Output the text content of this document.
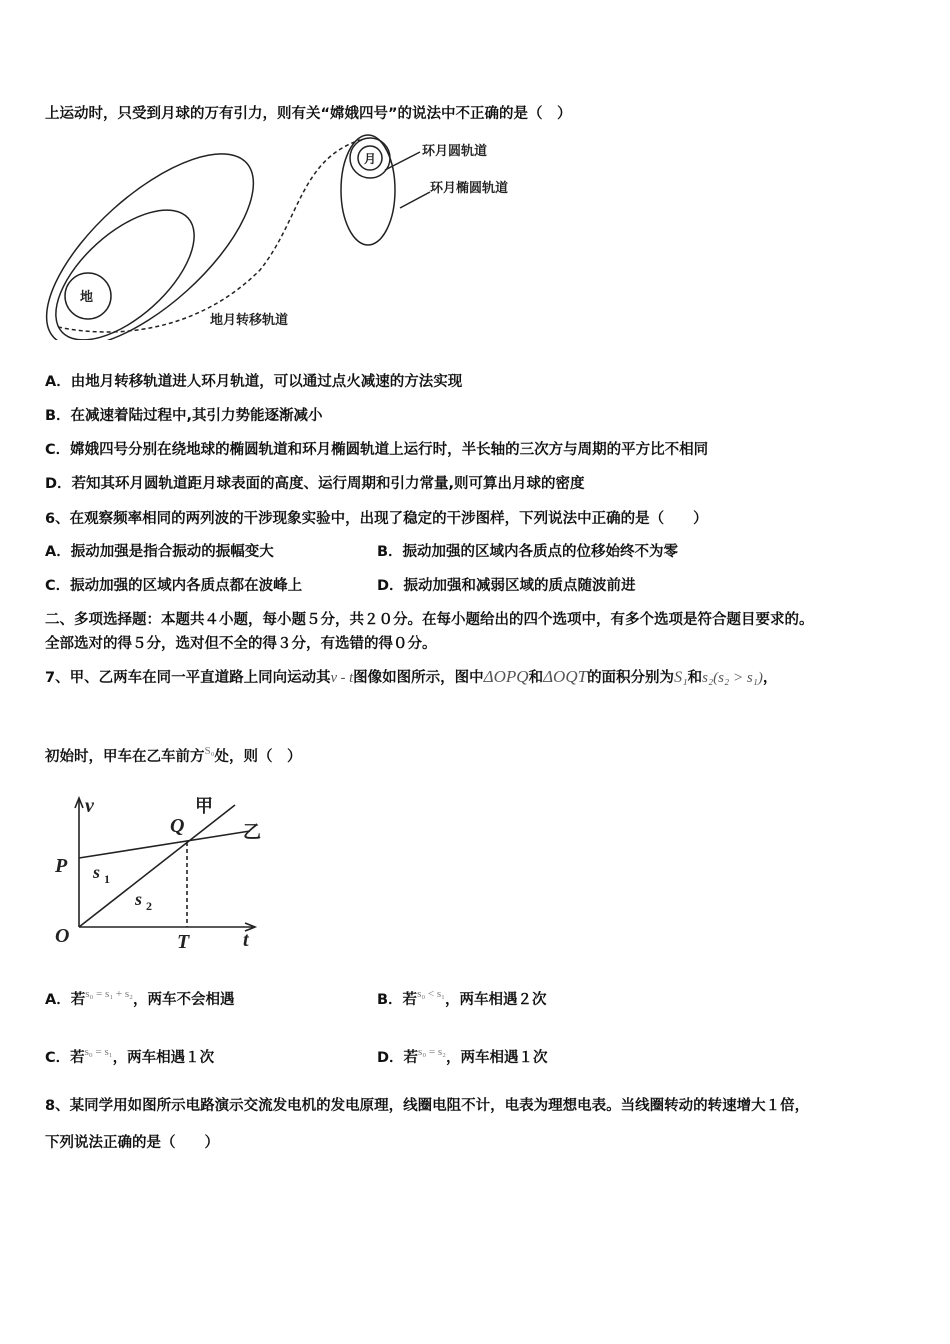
上运动时，只受到月球的万有引力，则有关“嫦娥四号”的说法中不正确的是（　）
月
地
环月圆轨道
环月椭圆轨道
地月转移轨道
A．由地月转移轨道进人环月轨道，可以通过点火减速的方法实现
B．在减速着陆过程中,其引力势能逐渐减小
C．嫦娥四号分别在绕地球的椭圆轨道和环月椭圆轨道上运行时，半长轴的三次方与周期的平方比不相同
D．若知其环月圆轨道距月球表面的高度、运行周期和引力常量,则可算出月球的密度
6、在观察频率相同的两列波的干涉现象实验中，出现了稳定的干涉图样，下列说法中正确的是（　　）
A．振动加强是指合振动的振幅变大	B．振动加强的区域内各质点的位移始终不为零
C．振动加强的区域内各质点都在波峰上	D．振动加强和减弱区域的质点随波前进
二、多项选择题：本题共４小题，每小题５分，共２０分。在每小题给出的四个选项中，有多个选项是符合题目要求的。
全部选对的得５分，选对但不全的得３分，有选错的得０分。
7、甲、乙两车在同一平直道路上同向运动其v - t图像如图所示，图中ΔOPQ和ΔOQT的面积分别为S₁和s₂(s₂ > s₁)，
初始时，甲车在乙车前方$^{S_0}$处，则（　）
v
P
O
Q
T	t
s 1
s 2
甲
乙
A．若$^{s_0 = s_1 + s_2}$，两车不会相遇	B．若$^{s_0 < s_1}$，两车相遇２次
C．若$^{s_0 = s_1}$，两车相遇１次	D．若$^{s_0 = s_2}$，两车相遇１次
8、某同学用如图所示电路演示交流发电机的发电原理，线圈电阻不计，电表为理想电表。当线圈转动的转速增大１倍，
下列说法正确的是（　　）
